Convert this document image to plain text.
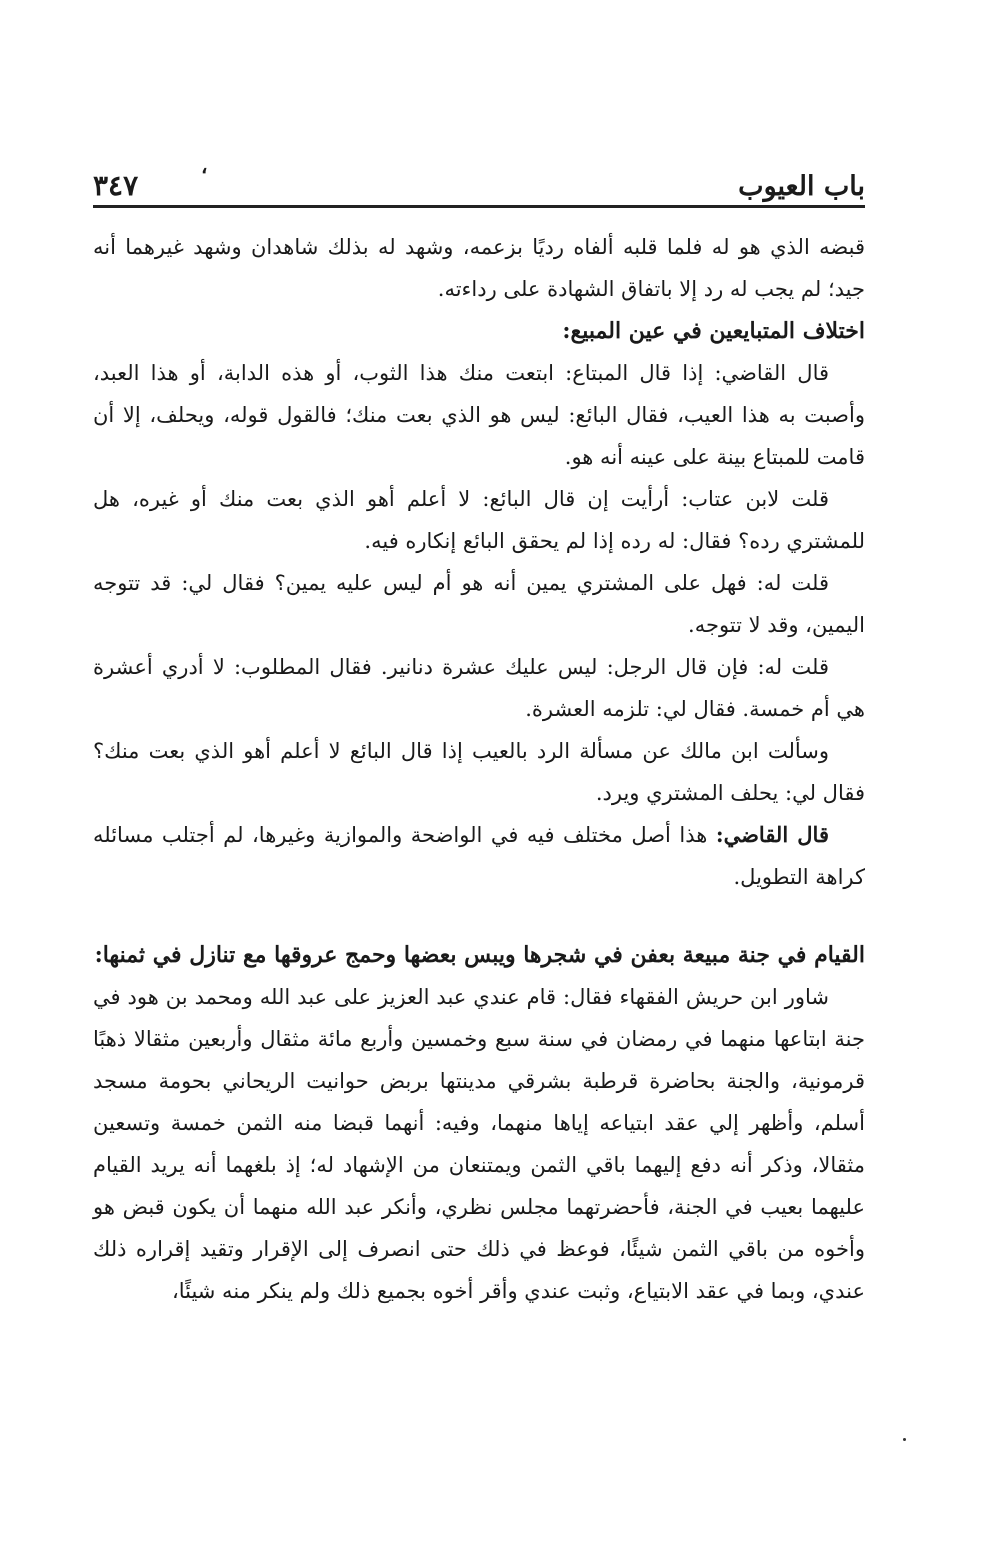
باب العيوب
٣٤٧
،

قبضه الذي هو له فلما قلبه ألفاه رديًا بزعمه، وشهد له بذلك شاهدان وشهد غيرهما أنه جيد؛ لم يجب له رد إلا باتفاق الشهادة على رداءته.

اختلاف المتبايعين في عين المبيع:

قال القاضي: إذا قال المبتاع: ابتعت منك هذا الثوب، أو هذه الدابة، أو هذا العبد، وأصبت به هذا العيب، فقال البائع: ليس هو الذي بعت منك؛ فالقول قوله، ويحلف، إلا أن قامت للمبتاع بينة على عينه أنه هو.

قلت لابن عتاب: أرأيت إن قال البائع: لا أعلم أهو الذي بعت منك أو غيره، هل للمشتري رده؟ فقال: له رده إذا لم يحقق البائع إنكاره فيه.

قلت له: فهل على المشتري يمين أنه هو أم ليس عليه يمين؟ فقال لي: قد تتوجه اليمين، وقد لا تتوجه.

قلت له: فإن قال الرجل: ليس عليك عشرة دنانير. فقال المطلوب: لا أدري أعشرة هي أم خمسة. فقال لي: تلزمه العشرة.

وسألت ابن مالك عن مسألة الرد بالعيب إذا قال البائع لا أعلم أهو الذي بعت منك؟ فقال لي: يحلف المشتري ويرد.

قال القاضي: هذا أصل مختلف فيه في الواضحة والموازية وغيرها، لم أجتلب مسائله كراهة التطويل.

القيام في جنة مبيعة بعفن في شجرها ويبس بعضها وحمج عروقها مع تنازل في ثمنها:

شاور ابن حريش الفقهاء فقال: قام عندي عبد العزيز على عبد الله ومحمد بن هود في جنة ابتاعها منهما في رمضان في سنة سبع وخمسين وأربع مائة مثقال وأربعين مثقالا ذهبًا قرمونية، والجنة بحاضرة قرطبة بشرقي مدينتها بربض حوانيت الريحاني بحومة مسجد أسلم، وأظهر إلي عقد ابتياعه إياها منهما، وفيه: أنهما قبضا منه الثمن خمسة وتسعين مثقالا، وذكر أنه دفع إليهما باقي الثمن ويمتنعان من الإشهاد له؛ إذ بلغهما أنه يريد القيام عليهما بعيب في الجنة، فأحضرتهما مجلس نظري، وأنكر عبد الله منهما أن يكون قبض هو وأخوه من باقي الثمن شيئًا، فوعظ في ذلك حتى انصرف إلى الإقرار وتقيد إقراره ذلك عندي، وبما في عقد الابتياع، وثبت عندي وأقر أخوه بجميع ذلك ولم ينكر منه شيئًا،
